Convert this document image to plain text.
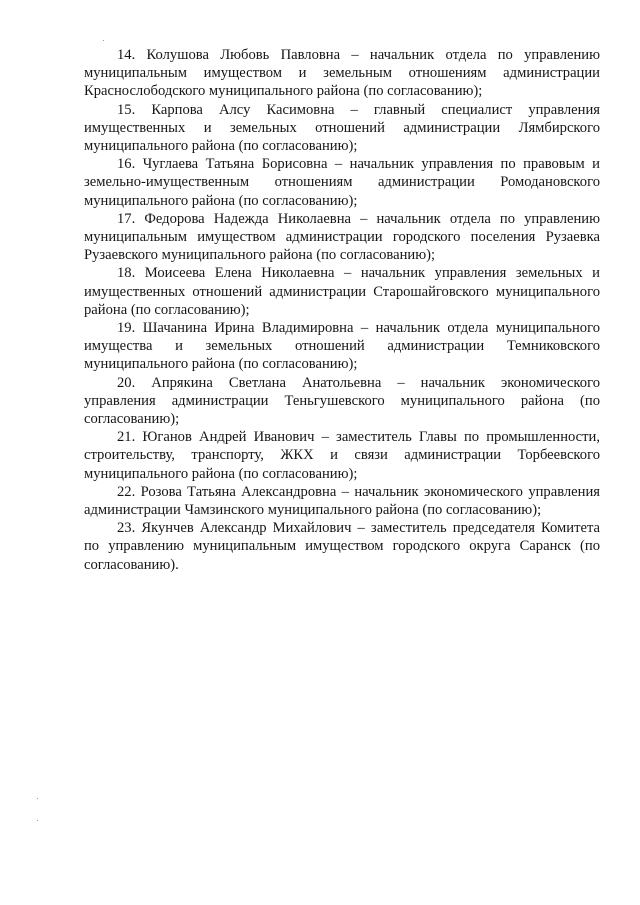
14. Колушова Любовь Павловна – начальник отдела по управлению муниципальным имуществом и земельным отношениям администрации Краснослободского муниципального района (по согласованию);

15. Карпова Алсу Касимовна – главный специалист управления имущественных и земельных отношений администрации Лямбирского муниципального района (по согласованию);

16. Чуглаева Татьяна Борисовна – начальник управления по правовым и земельно-имущественным отношениям администрации Ромодановского муниципального района (по согласованию);

17. Федорова Надежда Николаевна – начальник отдела по управлению муниципальным имуществом администрации городского поселения Рузаевка Рузаевского муниципального района (по согласованию);

18. Моисеева Елена Николаевна – начальник управления земельных и имущественных отношений администрации Старошайговского муниципального района (по согласованию);

19. Шачанина Ирина Владимировна – начальник отдела муниципального имущества и земельных отношений администрации Темниковского муниципального района (по согласованию);

20. Апрякина Светлана Анатольевна – начальник экономического управления администрации Теньгушевского муниципального района (по согласованию);

21. Юганов Андрей Иванович – заместитель Главы по промышленности, строительству, транспорту, ЖКХ и связи администрации Торбеевского муниципального района (по согласованию);

22. Розова Татьяна Александровна – начальник экономического управления администрации Чамзинского муниципального района (по согласованию);

23. Якунчев Александр Михайлович – заместитель председателя Комитета по управлению муниципальным имуществом городского округа Саранск (по согласованию).
